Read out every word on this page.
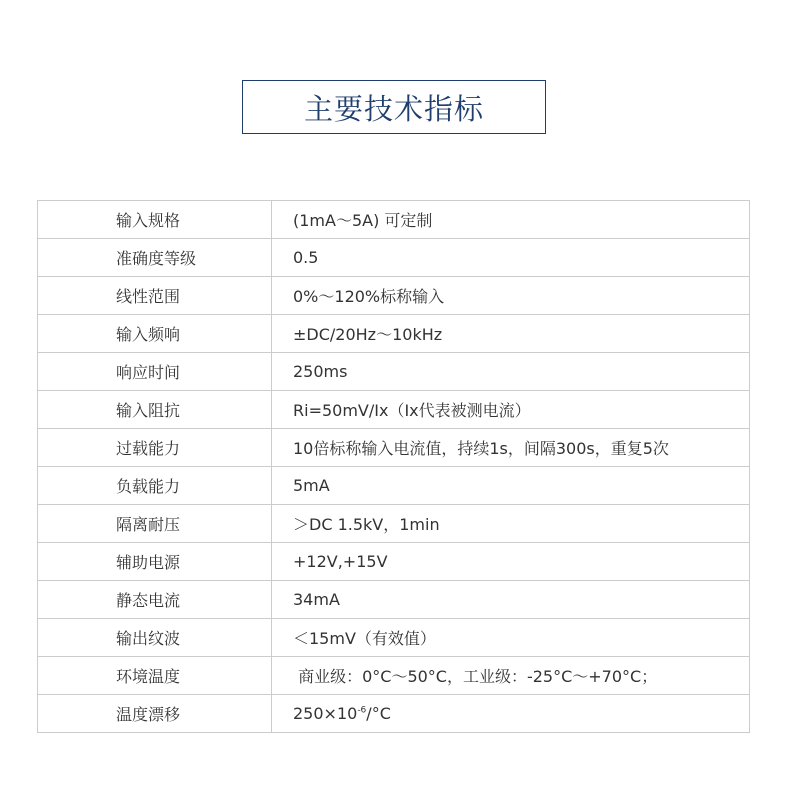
主要技术指标
输入规格	(1mA～5A) 可定制
准确度等级	0.5
线性范围	0%～120%标称输入
输入频响	±DC/20Hz～10kHz
响应时间	250ms
输入阻抗	Ri=50mV/Ix（Ix代表被测电流）
过载能力	10倍标称输入电流值，持续1s，间隔300s，重复5次
负载能力	5mA
隔离耐压	＞DC 1.5kV，1min
辅助电源	+12V,+15V
静态电流	34mA
输出纹波	＜15mV（有效值）
环境温度	商业级：0°C～50°C，工业级：-25°C～+70°C；
温度漂移	$250\times 10^{-6}/^\circ C$
